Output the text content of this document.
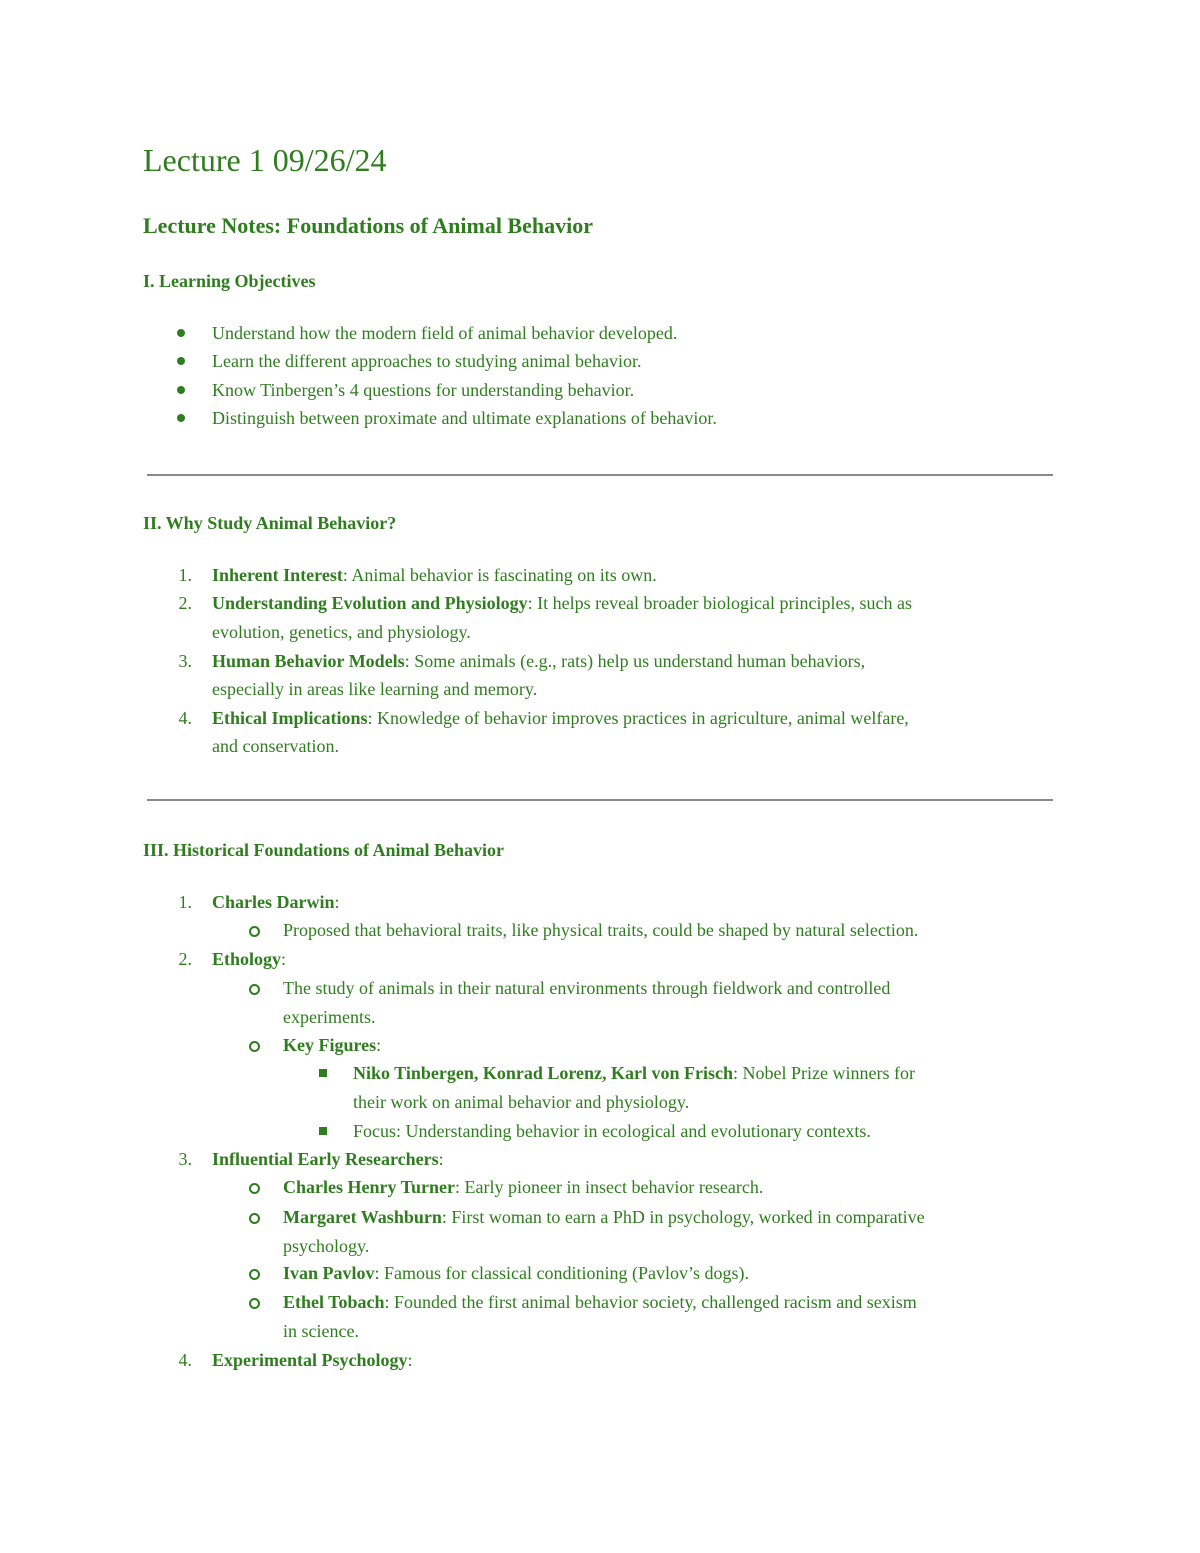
Lecture 1 09/26/24
Lecture Notes: Foundations of Animal Behavior
I. Learning Objectives
Understand how the modern field of animal behavior developed.
Learn the different approaches to studying animal behavior.
Know Tinbergen’s 4 questions for understanding behavior.
Distinguish between proximate and ultimate explanations of behavior.
II. Why Study Animal Behavior?
1. Inherent Interest: Animal behavior is fascinating on its own.
2. Understanding Evolution and Physiology: It helps reveal broader biological principles, such as
evolution, genetics, and physiology.
3. Human Behavior Models: Some animals (e.g., rats) help us understand human behaviors,
especially in areas like learning and memory.
4. Ethical Implications: Knowledge of behavior improves practices in agriculture, animal welfare,
and conservation.
III. Historical Foundations of Animal Behavior
1. Charles Darwin:
Proposed that behavioral traits, like physical traits, could be shaped by natural selection.
2. Ethology:
The study of animals in their natural environments through fieldwork and controlled
experiments.
Key Figures:
Niko Tinbergen, Konrad Lorenz, Karl von Frisch: Nobel Prize winners for
their work on animal behavior and physiology.
Focus: Understanding behavior in ecological and evolutionary contexts.
3. Influential Early Researchers:
Charles Henry Turner: Early pioneer in insect behavior research.
Margaret Washburn: First woman to earn a PhD in psychology, worked in comparative
psychology.
Ivan Pavlov: Famous for classical conditioning (Pavlov’s dogs).
Ethel Tobach: Founded the first animal behavior society, challenged racism and sexism
in science.
4. Experimental Psychology:
